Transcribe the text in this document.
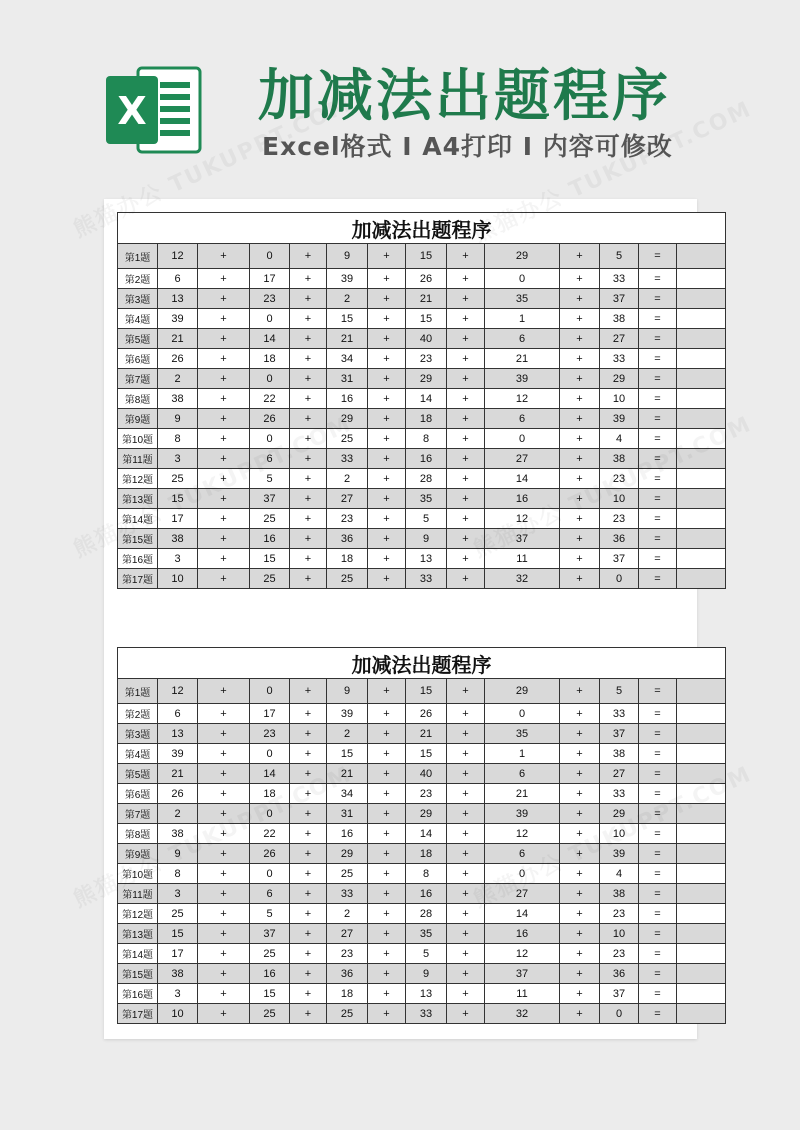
X 加减法出题程序
Excel格式 I A4打印 I 内容可修改
加减法出题程序													
第1题	12	+	0	+	9	+	15	+	29	+	5	=	
第2题	6	+	17	+	39	+	26	+	0	+	33	=	
第3题	13	+	23	+	2	+	21	+	35	+	37	=	
第4题	39	+	0	+	15	+	15	+	1	+	38	=	
第5题	21	+	14	+	21	+	40	+	6	+	27	=	
第6题	26	+	18	+	34	+	23	+	21	+	33	=	
第7题	2	+	0	+	31	+	29	+	39	+	29	=	
第8题	38	+	22	+	16	+	14	+	12	+	10	=	
第9题	9	+	26	+	29	+	18	+	6	+	39	=	
第10题	8	+	0	+	25	+	8	+	0	+	4	=	
第11题	3	+	6	+	33	+	16	+	27	+	38	=	
第12题	25	+	5	+	2	+	28	+	14	+	23	=	
第13题	15	+	37	+	27	+	35	+	16	+	10	=	
第14题	17	+	25	+	23	+	5	+	12	+	23	=	
第15题	38	+	16	+	36	+	9	+	37	+	36	=	
第16题	3	+	15	+	18	+	13	+	11	+	37	=	
第17题	10	+	25	+	25	+	33	+	32	+	0	=	
加减法出题程序													
第1题	12	+	0	+	9	+	15	+	29	+	5	=	
第2题	6	+	17	+	39	+	26	+	0	+	33	=	
第3题	13	+	23	+	2	+	21	+	35	+	37	=	
第4题	39	+	0	+	15	+	15	+	1	+	38	=	
第5题	21	+	14	+	21	+	40	+	6	+	27	=	
第6题	26	+	18	+	34	+	23	+	21	+	33	=	
第7题	2	+	0	+	31	+	29	+	39	+	29	=	
第8题	38	+	22	+	16	+	14	+	12	+	10	=	
第9题	9	+	26	+	29	+	18	+	6	+	39	=	
第10题	8	+	0	+	25	+	8	+	0	+	4	=	
第11题	3	+	6	+	33	+	16	+	27	+	38	=	
第12题	25	+	5	+	2	+	28	+	14	+	23	=	
第13题	15	+	37	+	27	+	35	+	16	+	10	=	
第14题	17	+	25	+	23	+	5	+	12	+	23	=	
第15题	38	+	16	+	36	+	9	+	37	+	36	=	
第16题	3	+	15	+	18	+	13	+	11	+	37	=	
第17题	10	+	25	+	25	+	33	+	32	+	0	=	
